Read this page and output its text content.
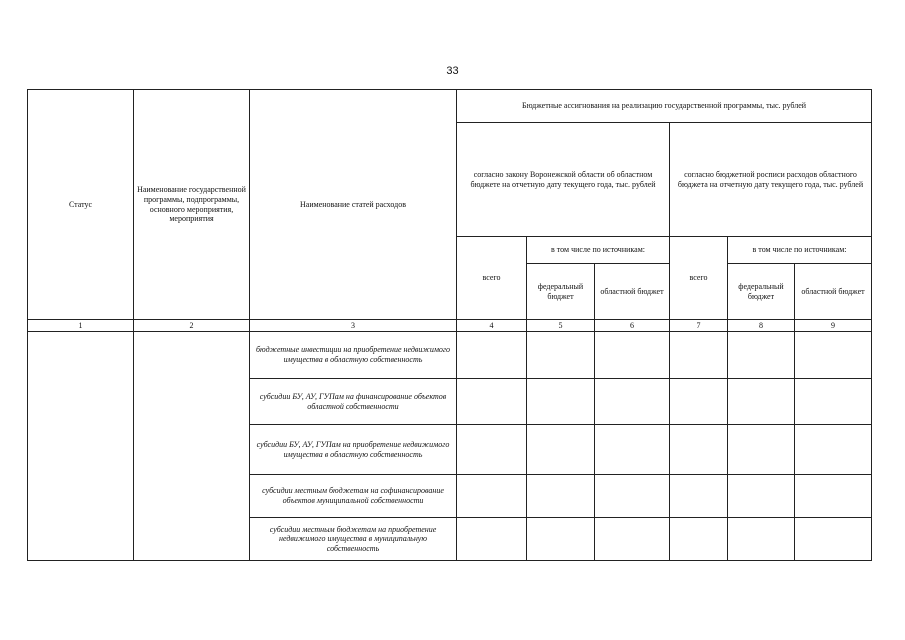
33
Статус	Наименование государственной программы, подпрограммы, основного мероприятия, мероприятия	Наименование статей расходов	Бюджетные ассигнования на реализацию государственной программы, тыс. рублей					
			согласно закону Воронежской области об областном бюджете на отчетную дату текущего года, тыс. рублей			согласно бюджетной росписи расходов областного бюджета на отчетную дату текущего года, тыс. рублей		
			всего	в том числе по источникам:		всего	в том числе по источникам:	
				федеральный бюджет	областной бюджет		федеральный бюджет	областной бюджет
1	2	3	4	5	6	7	8	9
		бюджетные инвестиции на приобретение недвижимого имущества в областную собственность						
		субсидии БУ, АУ, ГУПам на финансирование объектов областной собственности						
		субсидии БУ, АУ, ГУПам на приобретение недвижимого имущества в областную собственность						
		субсидии местным бюджетам на софинансирование объектов муниципальной собственности						
		субсидии местным бюджетам на приобретение недвижимого имущества в муниципальную собственность						
